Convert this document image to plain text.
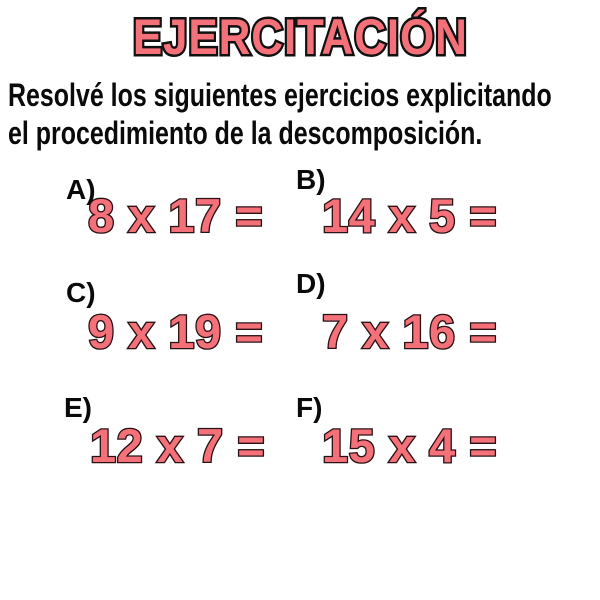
EJERCITACIÓN
Resolvé los siguientes ejercicios explicitando
el procedimiento de la descomposición.
A)
8 x 17 =
B)
14 x 5 =
C)
9 x 19 =
D)
7 x 16 =
E)
12 x 7 =
F)
15 x 4 =
